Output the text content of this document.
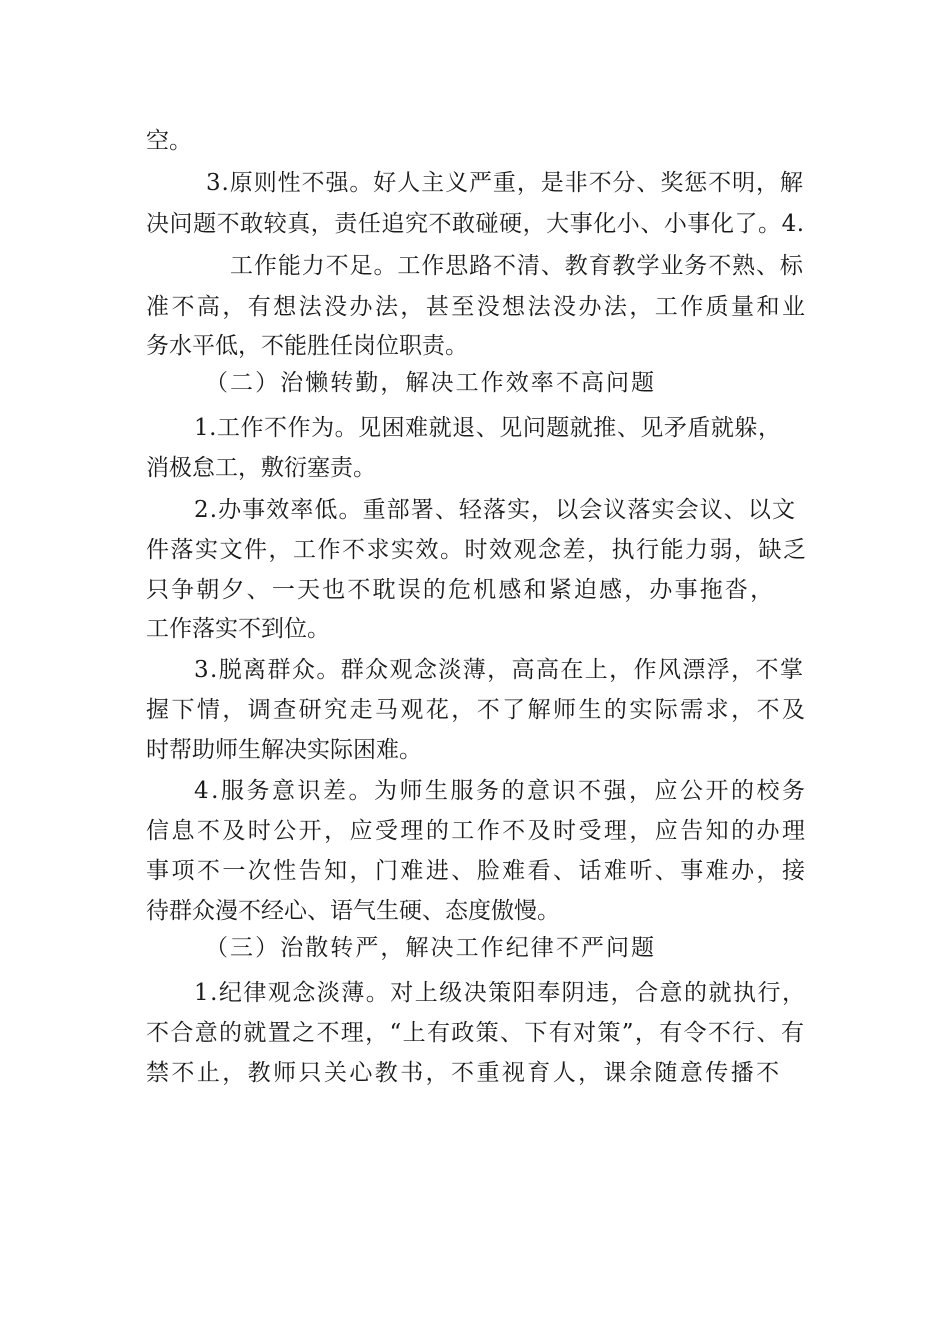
空。

3.原则性不强。好人主义严重，是非不分、奖惩不明，解

决问题不敢较真，责任追究不敢碰硬，大事化小、小事化了。4.

工作能力不足。工作思路不清、教育教学业务不熟、标

准不高，有想法没办法，甚至没想法没办法，工作质量和业

务水平低，不能胜任岗位职责。

（二）治懒转勤，解决工作效率不高问题

1.工作不作为。见困难就退、见问题就推、见矛盾就躲，

消极怠工，敷衍塞责。

2.办事效率低。重部署、轻落实，以会议落实会议、以文

件落实文件，工作不求实效。时效观念差，执行能力弱，缺乏

只争朝夕、一天也不耽误的危机感和紧迫感，办事拖沓，

工作落实不到位。

3.脱离群众。群众观念淡薄，高高在上，作风漂浮，不掌

握下情，调查研究走马观花，不了解师生的实际需求，不及

时帮助师生解决实际困难。

4.服务意识差。为师生服务的意识不强，应公开的校务

信息不及时公开，应受理的工作不及时受理，应告知的办理

事项不一次性告知，门难进、脸难看、话难听、事难办，接

待群众漫不经心、语气生硬、态度傲慢。

（三）治散转严，解决工作纪律不严问题

1.纪律观念淡薄。对上级决策阳奉阴违，合意的就执行，

不合意的就置之不理，“上有政策、下有对策”，有令不行、有

禁不止，教师只关心教书，不重视育人，课余随意传播不
